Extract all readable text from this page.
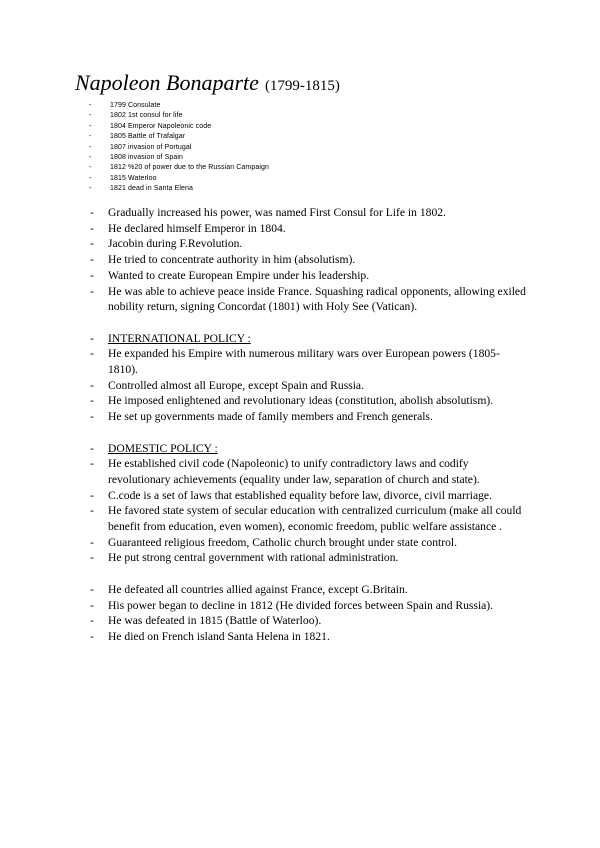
Napoleon Bonaparte (1799-1815)
-	1799 Consulate
-	1802 1st consul for life
-	1804 Emperor Napoleonic code
-	1805 Battle of Trafalgar
-	1807 invasion of Portugal
-	1808 invasion of Spain
-	1812 %20 of power due to the Russian Campaign
-	1815 Waterloo
-	1821 dead in Santa Elena
- Gradually increased his power, was named First Consul for Life in 1802.
- He declared himself Emperor in 1804.
- Jacobin during F.Revolution.
- He tried to concentrate authority in him (absolutism).
- Wanted to create European Empire under his leadership.
- He was able to achieve peace inside France. Squashing radical opponents, allowing exiled nobility return, signing Concordat (1801) with Holy See (Vatican).
- INTERNATIONAL POLICY :
- He expanded his Empire with numerous military wars over European powers (1805-1810).
- Controlled almost all Europe, except Spain and Russia.
- He imposed enlightened and revolutionary ideas (constitution, abolish absolutism).
- He set up governments made of family members and French generals.
- DOMESTIC POLICY :
- He established civil code (Napoleonic) to unify contradictory laws and codify revolutionary achievements (equality under law, separation of church and state).
- C.code is a set of laws that established equality before law, divorce, civil marriage.
- He favored state system of secular education with centralized curriculum (make all could benefit from education, even women), economic freedom, public welfare assistance .
- Guaranteed religious freedom, Catholic church brought under state control.
- He put strong central government with rational administration.
- He defeated all countries allied against France, except G.Britain.
- His power began to decline in 1812 (He divided forces between Spain and Russia).
- He was defeated in 1815 (Battle of Waterloo).
- He died on French island Santa Helena in 1821.
